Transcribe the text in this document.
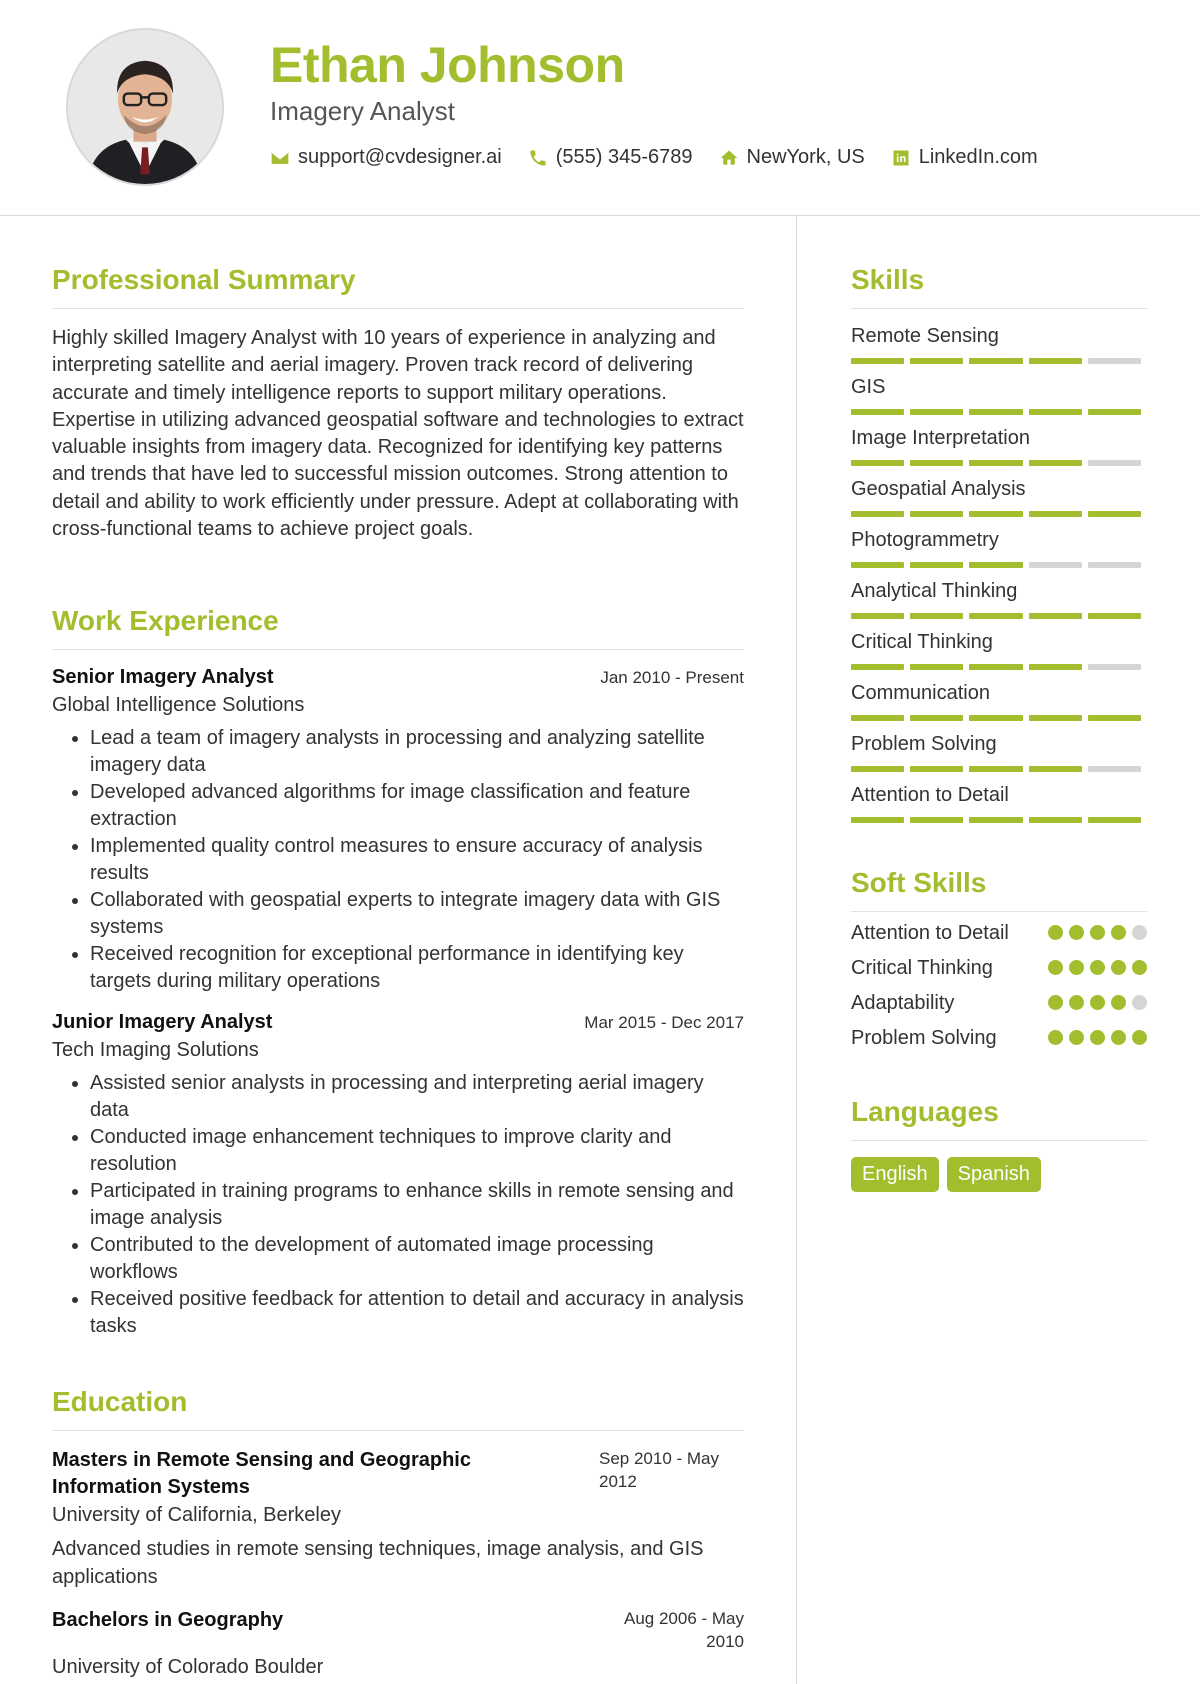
Ethan Johnson
Imagery Analyst
support@cvdesigner.ai	(555) 345-6789	NewYork, US	LinkedIn.com
Professional Summary
Highly skilled Imagery Analyst with 10 years of experience in analyzing and interpreting satellite and aerial imagery. Proven track record of delivering accurate and timely intelligence reports to support military operations. Expertise in utilizing advanced geospatial software and technologies to extract valuable insights from imagery data. Recognized for identifying key patterns and trends that have led to successful mission outcomes. Strong attention to detail and ability to work efficiently under pressure. Adept at collaborating with cross-functional teams to achieve project goals.
Work Experience
Senior Imagery Analyst	Jan 2010 - Present
Global Intelligence Solutions
• Lead a team of imagery analysts in processing and analyzing satellite imagery data
• Developed advanced algorithms for image classification and feature extraction
• Implemented quality control measures to ensure accuracy of analysis results
• Collaborated with geospatial experts to integrate imagery data with GIS systems
• Received recognition for exceptional performance in identifying key targets during military operations
Junior Imagery Analyst	Mar 2015 - Dec 2017
Tech Imaging Solutions
• Assisted senior analysts in processing and interpreting aerial imagery data
• Conducted image enhancement techniques to improve clarity and resolution
• Participated in training programs to enhance skills in remote sensing and image analysis
• Contributed to the development of automated image processing workflows
• Received positive feedback for attention to detail and accuracy in analysis tasks
Education
Masters in Remote Sensing and Geographic Information Systems
Sep 2010 - May 2012
University of California, Berkeley
Advanced studies in remote sensing techniques, image analysis, and GIS applications
Bachelors in Geography	Aug 2006 - May 2010
University of Colorado Boulder
Skills
Remote Sensing
GIS
Image Interpretation
Geospatial Analysis
Photogrammetry
Analytical Thinking
Critical Thinking
Communication
Problem Solving
Attention to Detail
Soft Skills
Attention to Detail
Critical Thinking
Adaptability
Problem Solving
Languages
English	Spanish
